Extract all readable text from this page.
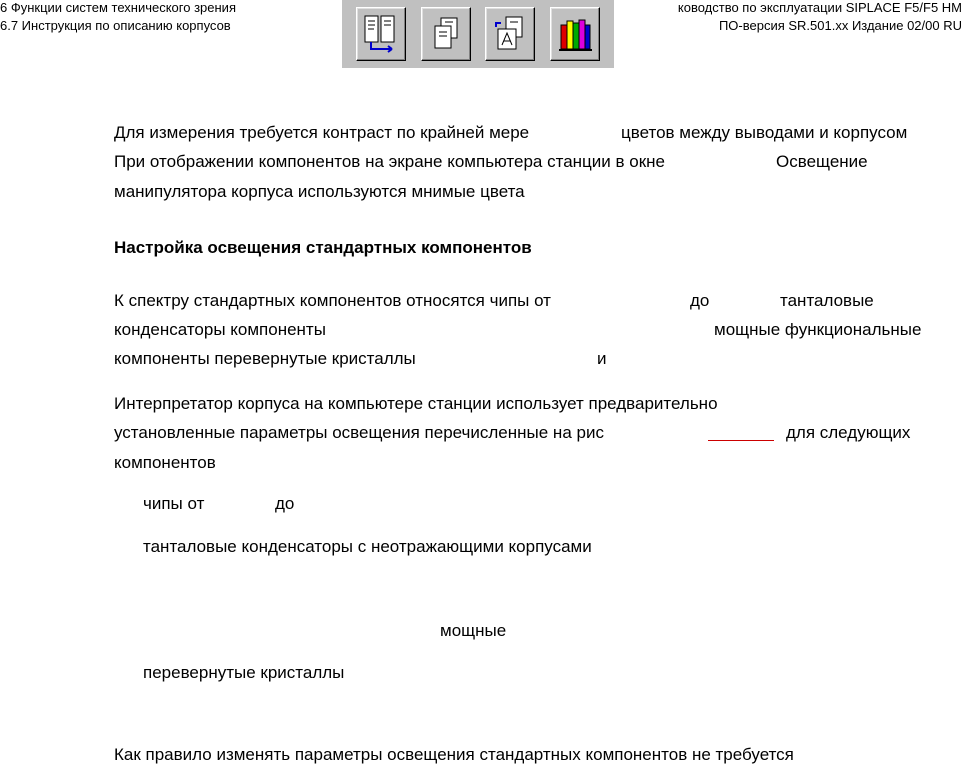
6 Функции систем технического зрения
6.7 Инструкция по описанию корпусов
ководство по эксплуатации SIPLACE F5/F5 HM
ПО-версия SR.501.xx Издание 02/00 RU
Для измерения требуется контраст по крайней мере	цветов между выводами и корпусом
При отображении компонентов на экране компьютера станции в окне	Освещение
манипулятора корпуса используются мнимые цвета
Настройка освещения стандартных компонентов
К спектру стандартных компонентов относятся чипы от	до	танталовые
конденсаторы компоненты	мощные функциональные
компоненты перевернутые кристаллы	и
Интерпретатор корпуса на компьютере станции использует предварительно
установленные параметры освещения перечисленные на рис	для следующих
компонентов
чипы от	до
танталовые конденсаторы с неотражающими корпусами
мощные
перевернутые кристаллы
Как правило изменять параметры освещения стандартных компонентов не требуется
